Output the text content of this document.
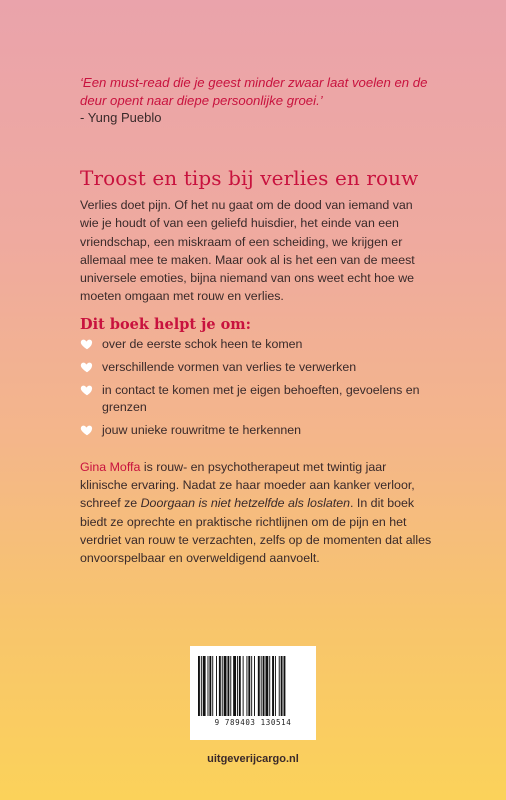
‘Een must-read die je geest minder zwaar laat voelen en de deur opent naar diepe persoonlijke groei.’
- Yung Pueblo
Troost en tips bij verlies en rouw

Verlies doet pijn. Of het nu gaat om de dood van iemand van wie je houdt of van een geliefd huisdier, het einde van een vriendschap, een miskraam of een scheiding, we krijgen er allemaal mee te maken. Maar ook al is het een van de meest universele emoties, bijna niemand van ons weet echt hoe we moeten omgaan met rouw en verlies.

Dit boek helpt je om:
over de eerste schok heen te komen
verschillende vormen van verlies te verwerken
in contact te komen met je eigen behoeften, gevoelens en grenzen
jouw unieke rouwritme te herkennen

Gina Moffa is rouw- en psychotherapeut met twintig jaar klinische ervaring. Nadat ze haar moeder aan kanker verloor, schreef ze Doorgaan is niet hetzelfde als loslaten. In dit boek biedt ze oprechte en praktische richtlijnen om de pijn en het verdriet van rouw te verzachten, zelfs op de momenten dat alles onvoorspelbaar en overweldigend aanvoelt.

9 789403 130514
uitgeverijcargo.nl
